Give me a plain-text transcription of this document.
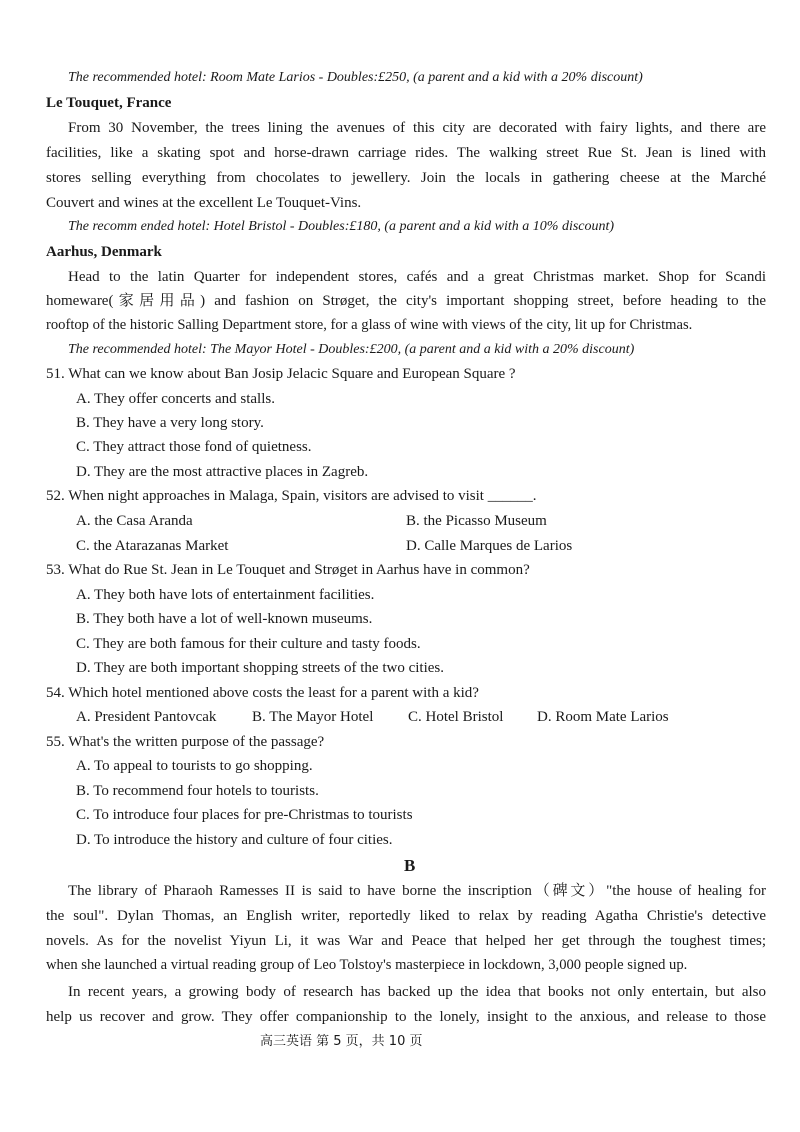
The recommended hotel: Room Mate Larios - Doubles:£250, (a parent and a kid with a 20% discount)
Le Touquet, France
From 30 November, the trees lining the avenues of this city are decorated with fairy lights, and there are
facilities, like a skating spot and horse-drawn carriage rides. The walking street Rue St. Jean is lined with
stores selling everything from chocolates to jewellery. Join the locals in gathering cheese at the Marché
Couvert and wines at the excellent Le Touquet-Vins.
The recomm ended hotel: Hotel Bristol - Doubles:£180, (a parent and a kid with a 10% discount)
Aarhus, Denmark
Head to the latin Quarter for independent stores, cafés and a great Christmas market. Shop for Scandi
homeware(家居用品) and fashion on Strøget, the city's important shopping street, before heading to the
rooftop of the historic Salling Department store, for a glass of wine with views of the city, lit up for Christmas.
The recommended hotel: The Mayor Hotel - Doubles:£200, (a parent and a kid with a 20% discount)
51. What can we know about Ban Josip Jelacic Square and European Square ?
A. They offer concerts and stalls.
B. They have a very long story.
C. They attract those fond of quietness.
D. They are the most attractive places in Zagreb.
52. When night approaches in Malaga, Spain, visitors are advised to visit ______.
A. the Casa Aranda	B. the Picasso Museum
C. the Atarazanas Market	D. Calle Marques de Larios
53. What do Rue St. Jean in Le Touquet and Strøget in Aarhus have in common?
A. They both have lots of entertainment facilities.
B. They both have a lot of well-known museums.
C. They are both famous for their culture and tasty foods.
D. They are both important shopping streets of the two cities.
54. Which hotel mentioned above costs the least for a parent with a kid?
A. President Pantovcak B. The Mayor Hotel C. Hotel Bristol D. Room Mate Larios
55. What's the written purpose of the passage?
A. To appeal to tourists to go shopping.
B. To recommend four hotels to tourists.
C. To introduce four places for pre-Christmas to tourists
D. To introduce the history and culture of four cities.
B
The library of Pharaoh Ramesses II is said to have borne the inscription（碑文）"the house of healing for
the soul". Dylan Thomas, an English writer, reportedly liked to relax by reading Agatha Christie's detective
novels. As for the novelist Yiyun Li, it was War and Peace that helped her get through the toughest times;
when she launched a virtual reading group of Leo Tolstoy's masterpiece in lockdown, 3,000 people signed up.
In recent years, a growing body of research has backed up the idea that books not only entertain, but also
help us recover and grow. They offer companionship to the lonely, insight to the anxious, and release to those
高三英语 第 5 页，共 10 页
